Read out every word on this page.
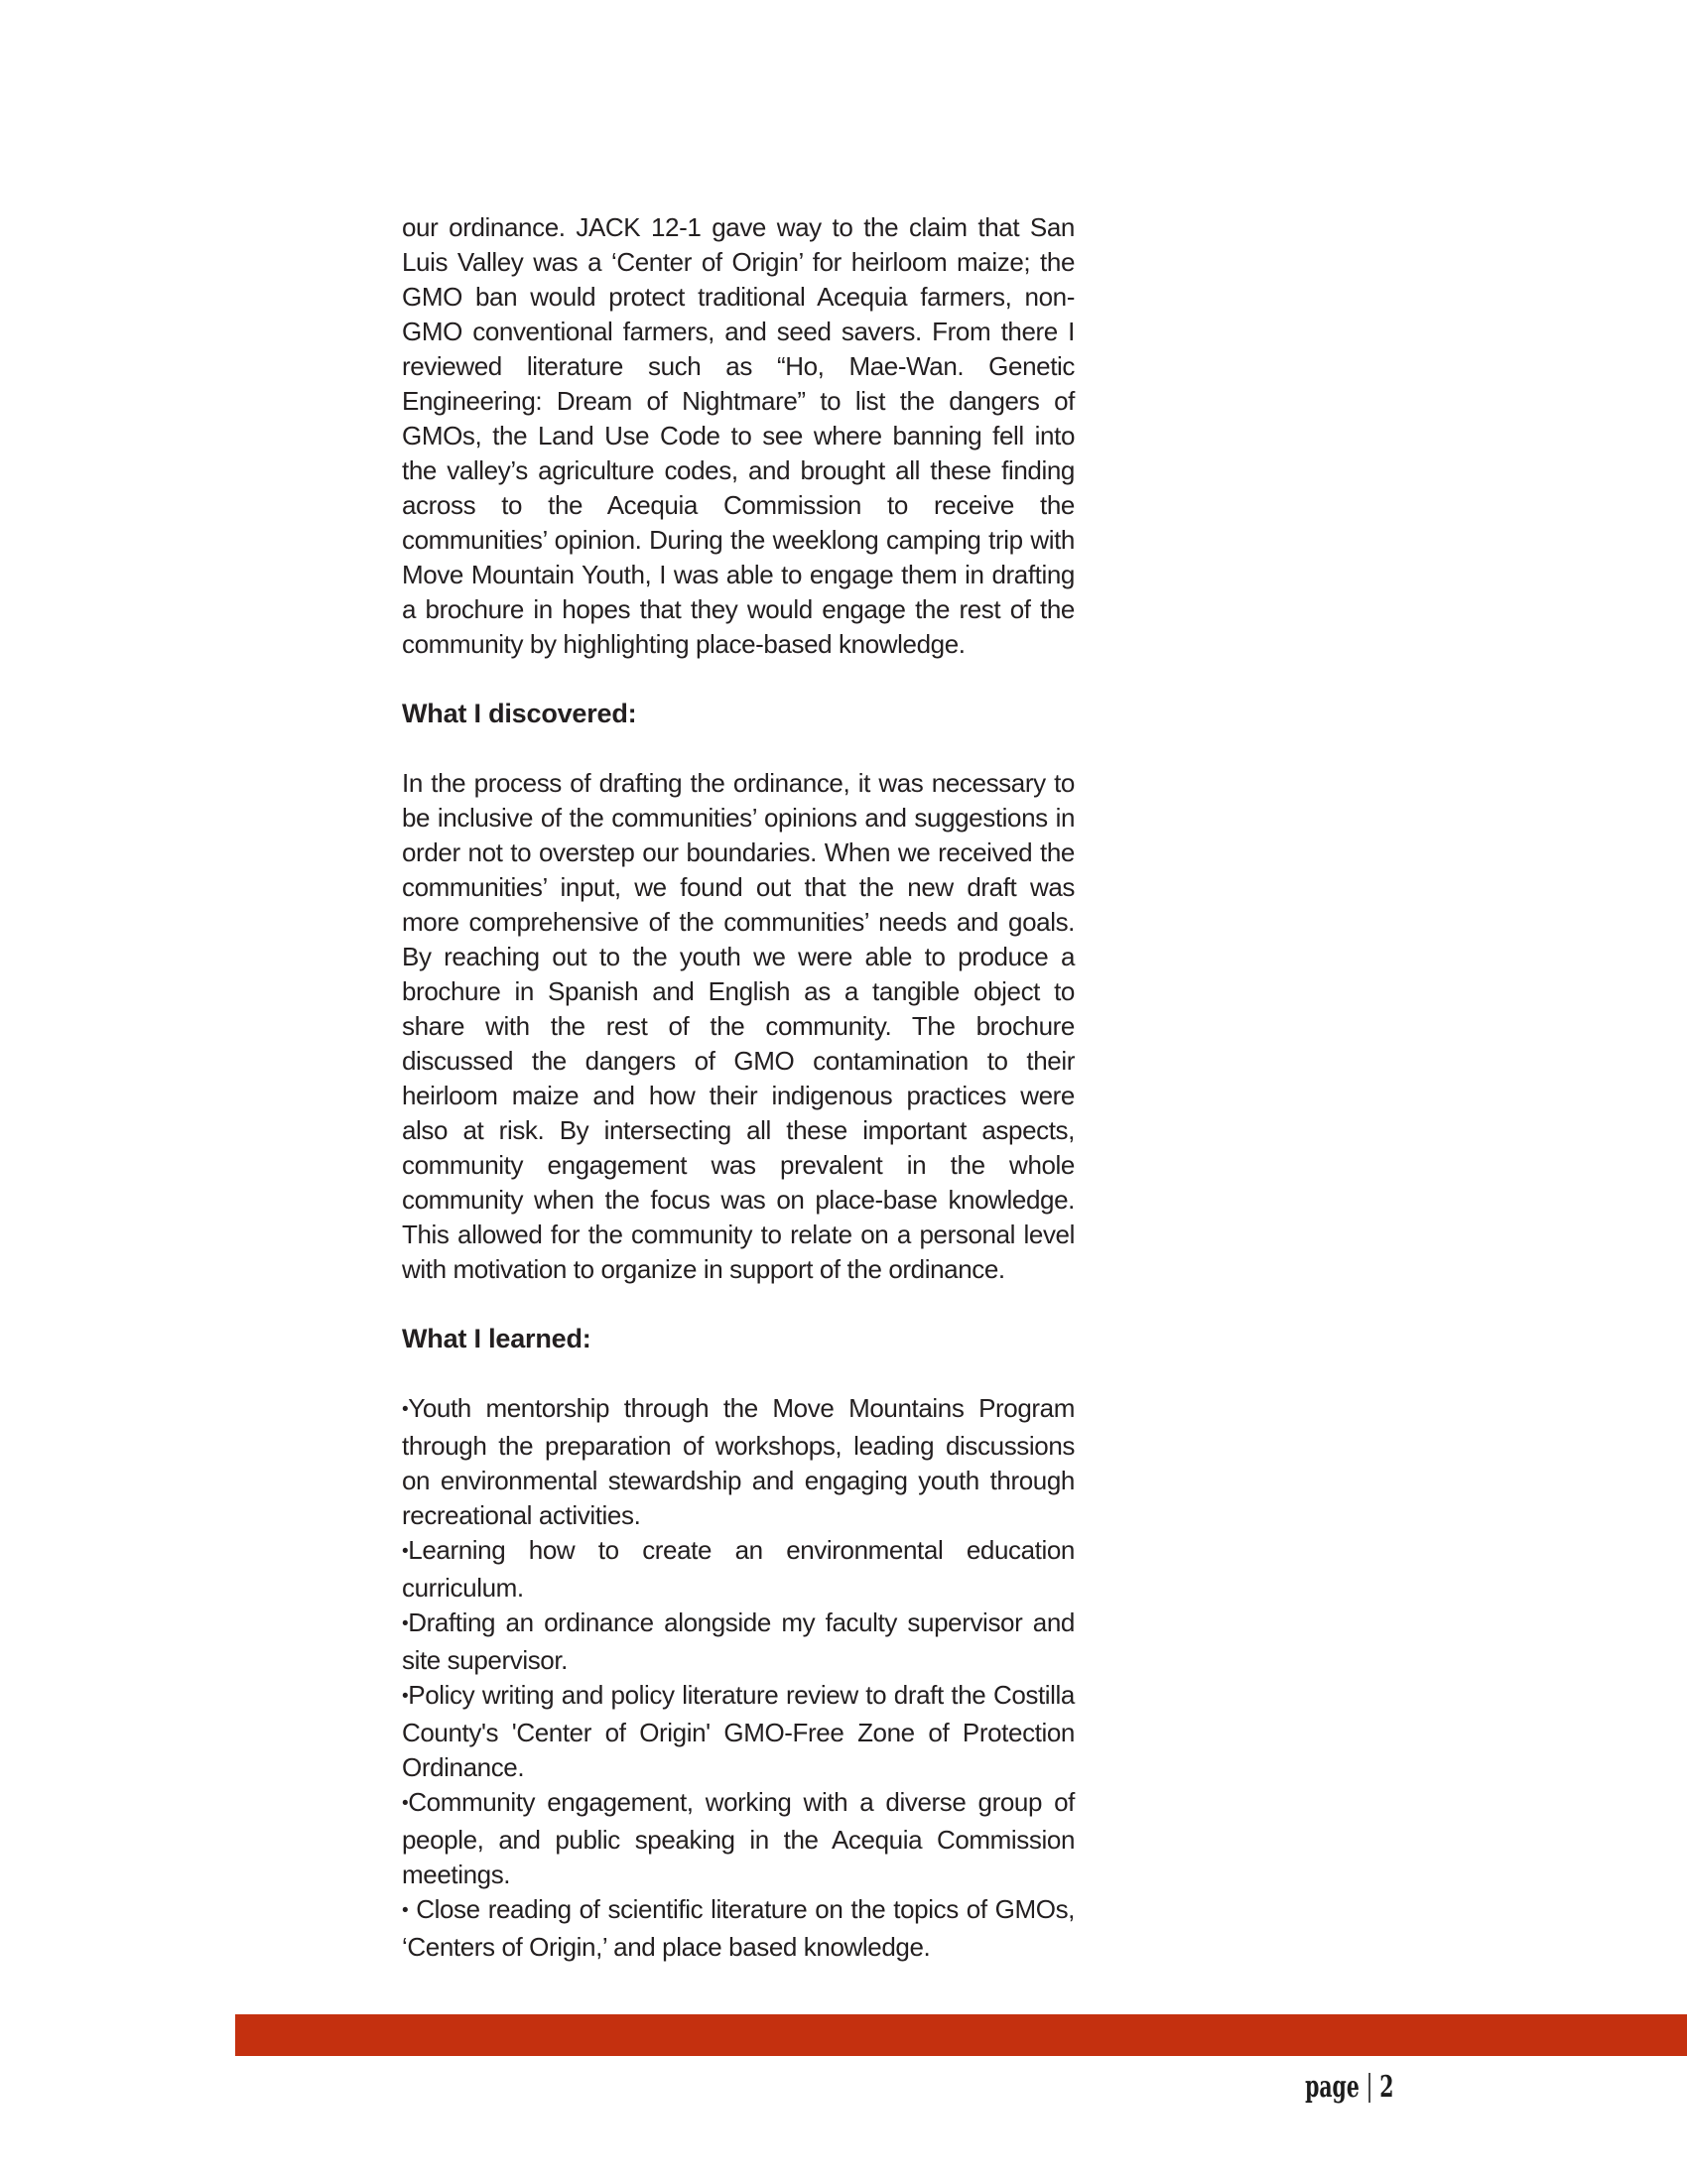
our ordinance. JACK 12-1 gave way to the claim that San Luis Valley was a ‘Center of Origin’ for heirloom maize; the GMO ban would protect traditional Acequia farmers, non-GMO conventional farmers, and seed savers. From there I reviewed literature such as “Ho, Mae-Wan. Genetic Engineering: Dream of Nightmare” to list the dangers of GMOs, the Land Use Code to see where banning fell into the valley’s agriculture codes, and brought all these finding across to the Acequia Commission to receive the communities’ opinion. During the weeklong camping trip with Move Mountain Youth, I was able to engage them in drafting a brochure in hopes that they would engage the rest of the community by highlighting place-based knowledge.

What I discovered:

In the process of drafting the ordinance, it was necessary to be inclusive of the communities’ opinions and suggestions in order not to overstep our boundaries. When we received the communities’ input, we found out that the new draft was more comprehensive of the communities’ needs and goals. By reaching out to the youth we were able to produce a brochure in Spanish and English as a tangible object to share with the rest of the community. The brochure discussed the dangers of GMO contamination to their heirloom maize and how their indigenous practices were also at risk. By intersecting all these important aspects, community engagement was prevalent in the whole community when the focus was on place-base knowledge. This allowed for the community to relate on a personal level with motivation to organize in support of the ordinance.

What I learned:

•Youth mentorship through the Move Mountains Program through the preparation of workshops, leading discussions on environmental stewardship and engaging youth through recreational activities.

•Learning how to create an environmental education curriculum.

•Drafting an ordinance alongside my faculty supervisor and site supervisor.

•Policy writing and policy literature review to draft the Costilla County's 'Center of Origin' GMO-Free Zone of Protection Ordinance.

•Community engagement, working with a diverse group of people, and public speaking in the Acequia Commission meetings.

• Close reading of scientific literature on the topics of GMOs, ‘Centers of Origin,’ and place based knowledge.

page | 2
